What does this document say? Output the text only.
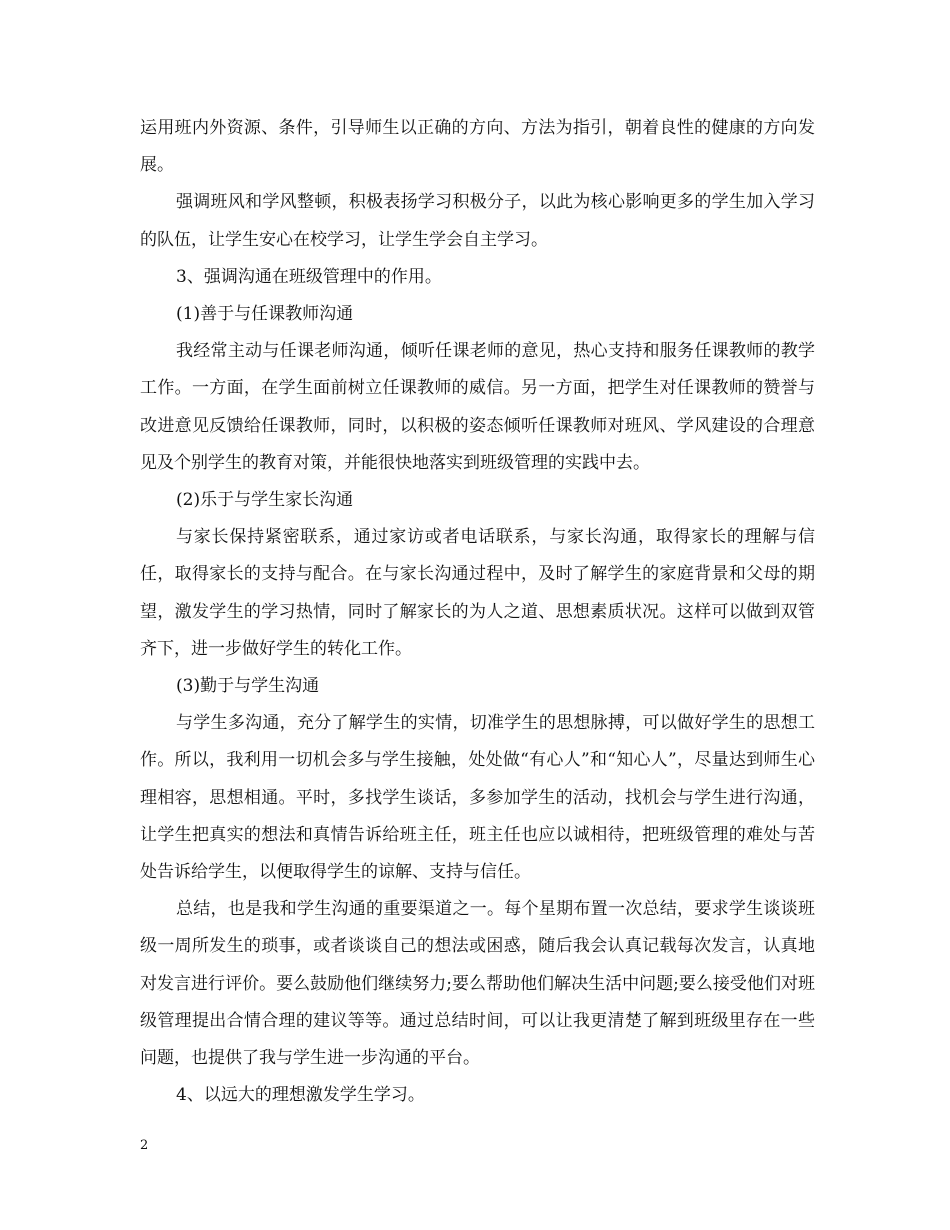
运用班内外资源、条件，引导师生以正确的方向、方法为指引，朝着良性的健康的方向发展。

强调班风和学风整顿，积极表扬学习积极分子，以此为核心影响更多的学生加入学习的队伍，让学生安心在校学习，让学生学会自主学习。

3、强调沟通在班级管理中的作用。

(1)善于与任课教师沟通

我经常主动与任课老师沟通，倾听任课老师的意见，热心支持和服务任课教师的教学工作。一方面，在学生面前树立任课教师的威信。另一方面，把学生对任课教师的赞誉与改进意见反馈给任课教师，同时，以积极的姿态倾听任课教师对班风、学风建设的合理意见及个别学生的教育对策，并能很快地落实到班级管理的实践中去。

(2)乐于与学生家长沟通

与家长保持紧密联系，通过家访或者电话联系，与家长沟通，取得家长的理解与信任，取得家长的支持与配合。在与家长沟通过程中，及时了解学生的家庭背景和父母的期望，激发学生的学习热情，同时了解家长的为人之道、思想素质状况。这样可以做到双管齐下，进一步做好学生的转化工作。

(3)勤于与学生沟通

与学生多沟通，充分了解学生的实情，切准学生的思想脉搏，可以做好学生的思想工作。所以，我利用一切机会多与学生接触，处处做“有心人”和“知心人”，尽量达到师生心理相容，思想相通。平时，多找学生谈话，多参加学生的活动，找机会与学生进行沟通，让学生把真实的想法和真情告诉给班主任，班主任也应以诚相待，把班级管理的难处与苦处告诉给学生，以便取得学生的谅解、支持与信任。

总结，也是我和学生沟通的重要渠道之一。每个星期布置一次总结，要求学生谈谈班级一周所发生的琐事，或者谈谈自己的想法或困惑，随后我会认真记载每次发言，认真地对发言进行评价。要么鼓励他们继续努力;要么帮助他们解决生活中问题;要么接受他们对班级管理提出合情合理的建议等等。通过总结时间，可以让我更清楚了解到班级里存在一些问题，也提供了我与学生进一步沟通的平台。

4、以远大的理想激发学生学习。

2
